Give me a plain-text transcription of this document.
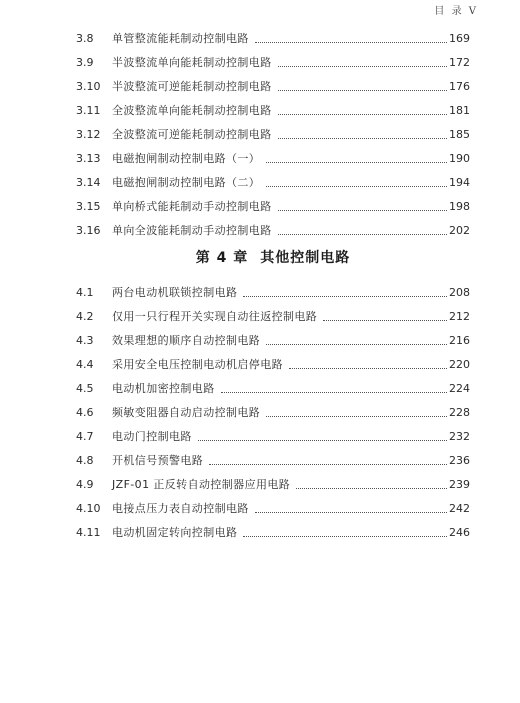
目 录 V
3.8	单管整流能耗制动控制电路	169
3.9	半波整流单向能耗制动控制电路	172
3.10	半波整流可逆能耗制动控制电路	176
3.11	全波整流单向能耗制动控制电路	181
3.12	全波整流可逆能耗制动控制电路	185
3.13	电磁抱闸制动控制电路（一）	190
3.14	电磁抱闸制动控制电路（二）	194
3.15	单向桥式能耗制动手动控制电路	198
3.16	单向全波能耗制动手动控制电路	202
第 4 章 其他控制电路
4.1	两台电动机联锁控制电路	208
4.2	仅用一只行程开关实现自动往返控制电路	212
4.3	效果理想的顺序自动控制电路	216
4.4	采用安全电压控制电动机启停电路	220
4.5	电动机加密控制电路	224
4.6	频敏变阻器自动启动控制电路	228
4.7	电动门控制电路	232
4.8	开机信号预警电路	236
4.9	JZF-01 正反转自动控制器应用电路	239
4.10	电接点压力表自动控制电路	242
4.11	电动机固定转向控制电路	246
